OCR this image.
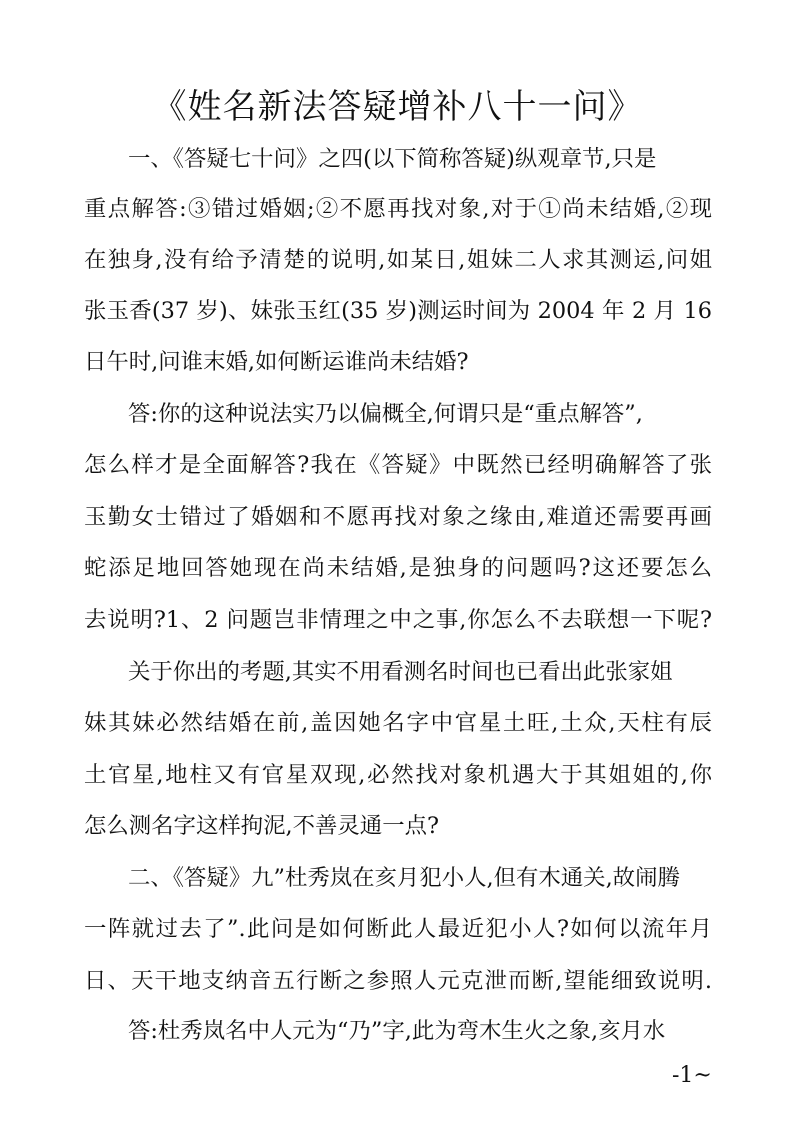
《姓名新法答疑增补八十一问》
一、《答疑七十问》之四(以下简称答疑)纵观章节,只是
重点解答:③错过婚姻;②不愿再找对象,对于①尚未结婚,②现
在独身,没有给予清楚的说明,如某日,姐妹二人求其测运,问姐
张玉香(37 岁)、妹张玉红(35 岁)测运时间为 2004 年 2 月 16
日午时,问谁末婚,如何断运谁尚未结婚?
答:你的这种说法实乃以偏概全,何谓只是“重点解答”,
怎么样才是全面解答?我在《答疑》中既然已经明确解答了张
玉勤女士错过了婚姻和不愿再找对象之缘由,难道还需要再画
蛇添足地回答她现在尚未结婚,是独身的问题吗?这还要怎么
去说明?1、2 问题岂非情理之中之事,你怎么不去联想一下呢?
关于你出的考题,其实不用看测名时间也已看出此张家姐
妹其妹必然结婚在前,盖因她名字中官星土旺,土众,天柱有辰
土官星,地柱又有官星双现,必然找对象机遇大于其姐姐的,你
怎么测名字这样拘泥,不善灵通一点?
二、《答疑》九”杜秀岚在亥月犯小人,但有木通关,故闹腾
一阵就过去了”.此问是如何断此人最近犯小人?如何以流年月
日、天干地支纳音五行断之参照人元克泄而断,望能细致说明.
答:杜秀岚名中人元为“乃”字,此为弯木生火之象,亥月水
-1~
